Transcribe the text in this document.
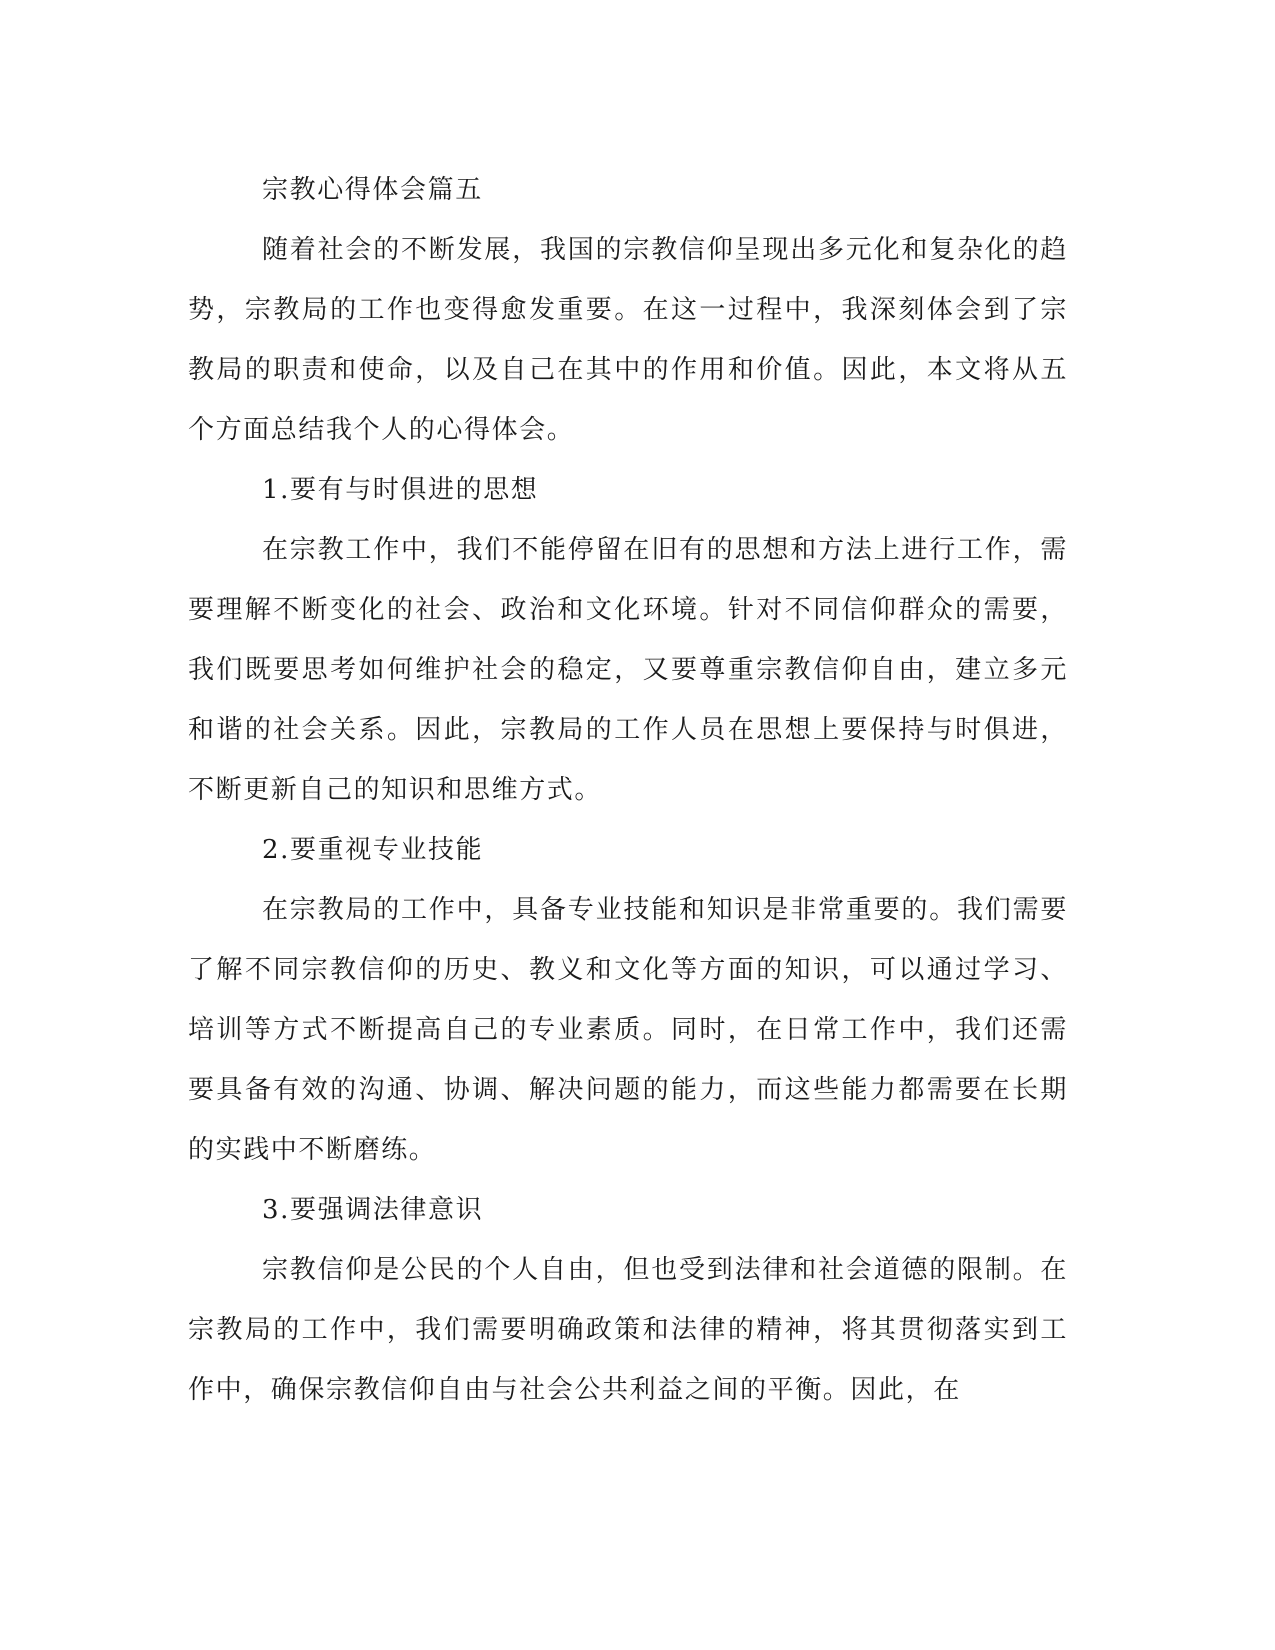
宗教心得体会篇五

随着社会的不断发展，我国的宗教信仰呈现出多元化和复杂化的趋势，宗教局的工作也变得愈发重要。在这一过程中，我深刻体会到了宗教局的职责和使命，以及自己在其中的作用和价值。因此，本文将从五个方面总结我个人的心得体会。

1.要有与时俱进的思想

在宗教工作中，我们不能停留在旧有的思想和方法上进行工作，需要理解不断变化的社会、政治和文化环境。针对不同信仰群众的需要，我们既要思考如何维护社会的稳定，又要尊重宗教信仰自由，建立多元和谐的社会关系。因此，宗教局的工作人员在思想上要保持与时俱进，不断更新自己的知识和思维方式。

2.要重视专业技能

在宗教局的工作中，具备专业技能和知识是非常重要的。我们需要了解不同宗教信仰的历史、教义和文化等方面的知识，可以通过学习、培训等方式不断提高自己的专业素质。同时，在日常工作中，我们还需要具备有效的沟通、协调、解决问题的能力，而这些能力都需要在长期的实践中不断磨练。

3.要强调法律意识

宗教信仰是公民的个人自由，但也受到法律和社会道德的限制。在宗教局的工作中，我们需要明确政策和法律的精神，将其贯彻落实到工作中，确保宗教信仰自由与社会公共利益之间的平衡。因此，在
